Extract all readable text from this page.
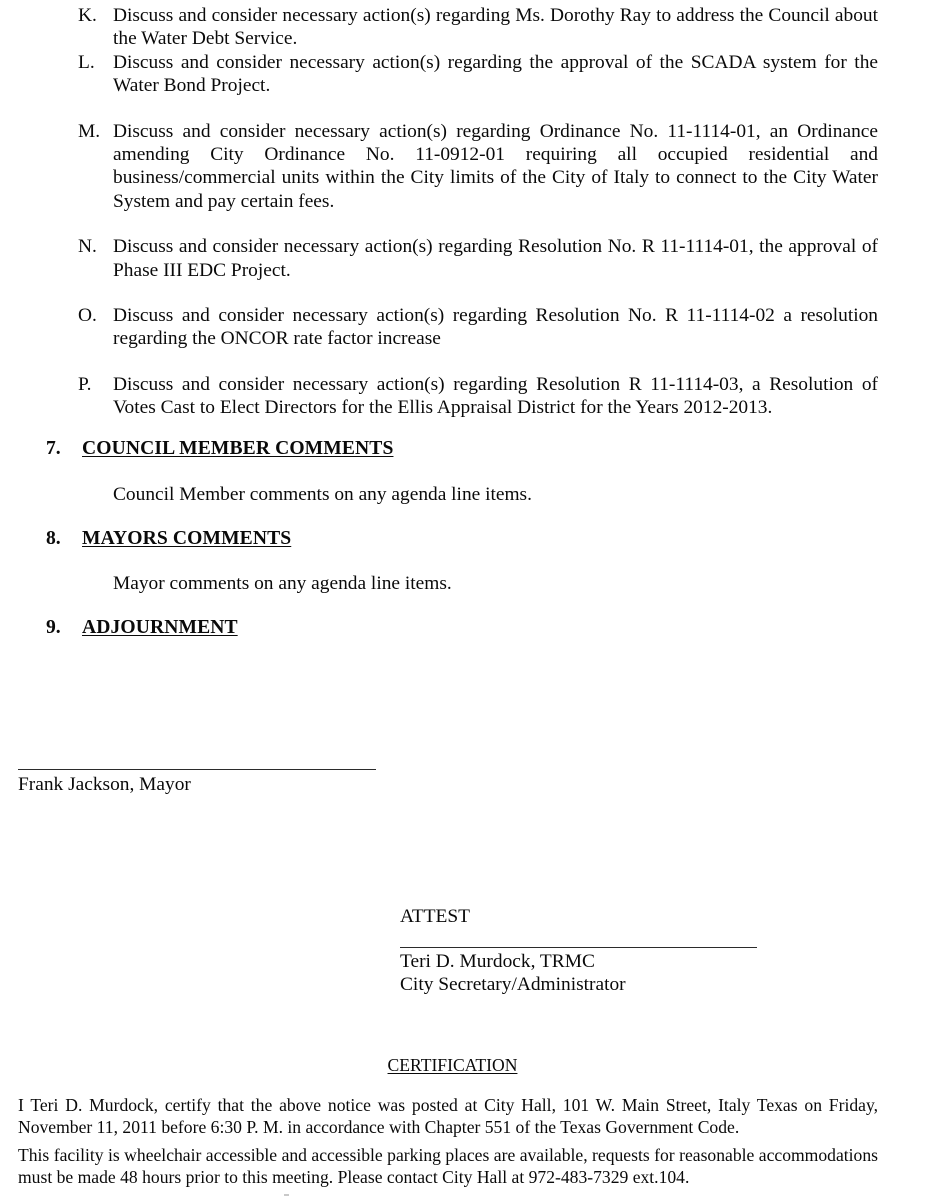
K. Discuss and consider necessary action(s) regarding Ms. Dorothy Ray to address the Council about the Water Debt Service.
L. Discuss and consider necessary action(s) regarding the approval of the SCADA system for the Water Bond Project.
M. Discuss and consider necessary action(s) regarding Ordinance No. 11-1114-01, an Ordinance amending City Ordinance No. 11-0912-01 requiring all occupied residential and business/commercial units within the City limits of the City of Italy to connect to the City Water System and pay certain fees.
N. Discuss and consider necessary action(s) regarding Resolution No. R 11-1114-01, the approval of Phase III EDC Project.
O. Discuss and consider necessary action(s) regarding Resolution No. R 11-1114-02 a resolution regarding the ONCOR rate factor increase
P.	Discuss and consider necessary action(s) regarding Resolution R 11-1114-03, a Resolution of Votes Cast to Elect Directors for the Ellis Appraisal District for the Years 2012-2013.
7.	COUNCIL MEMBER COMMENTS
Council Member comments on any agenda line items.
8.	MAYORS COMMENTS
Mayor comments on any agenda line items.
9.	ADJOURNMENT
Frank Jackson, Mayor
ATTEST
Teri D. Murdock, TRMC
City Secretary/Administrator
CERTIFICATION
I Teri D. Murdock, certify that the above notice was posted at City Hall, 101 W. Main Street, Italy Texas on Friday, November 11, 2011 before 6:30 P. M. in accordance with Chapter 551 of the Texas Government Code.
This facility is wheelchair accessible and accessible parking places are available, requests for reasonable accommodations must be made 48 hours prior to this meeting. Please contact City Hall at 972-483-7329 ext.104.
